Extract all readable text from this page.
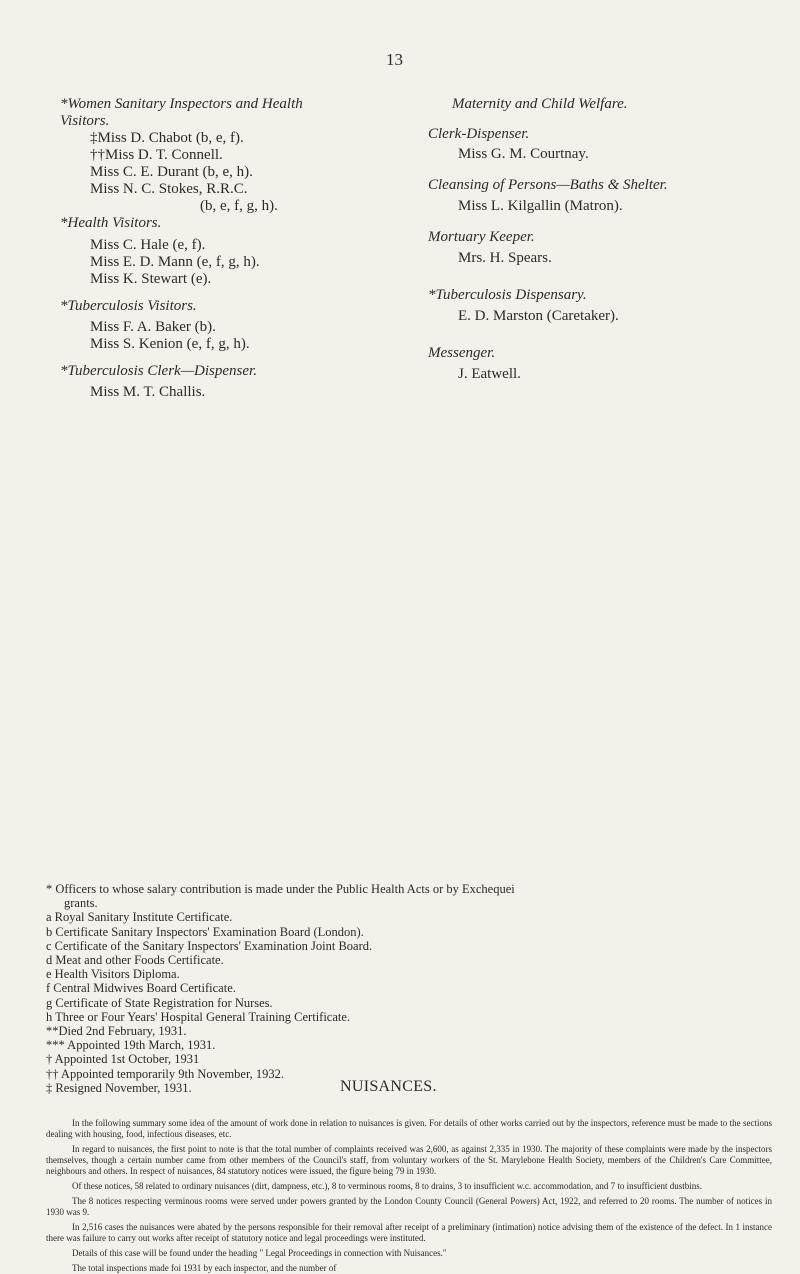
13
*Women Sanitary Inspectors and Health
Visitors.
‡Miss D. Chabot (b, e, f).
††Miss D. T. Connell.
Miss C. E. Durant (b, e, h).
Miss N. C. Stokes, R.R.C.
(b, e, f, g, h).
*Health Visitors.
Miss C. Hale (e, f).
Miss E. D. Mann (e, f, g, h).
Miss K. Stewart (e).
*Tuberculosis Visitors.
Miss F. A. Baker (b).
Miss S. Kenion (e, f, g, h).
*Tuberculosis Clerk—Dispenser.
Miss M. T. Challis.
Maternity and Child Welfare.
Clerk-Dispenser.
Miss G. M. Courtnay.
Cleansing of Persons—Baths & Shelter.
Miss L. Kilgallin (Matron).
Mortuary Keeper.
Mrs. H. Spears.
*Tuberculosis Dispensary.
E. D. Marston (Caretaker).
Messenger.
J. Eatwell.
* Officers to whose salary contribution is made under the Public Health Acts or by Exchequei
grants.
a Royal Sanitary Institute Certificate.
b Certificate Sanitary Inspectors' Examination Board (London).
c Certificate of the Sanitary Inspectors' Examination Joint Board.
d Meat and other Foods Certificate.
e Health Visitors Diploma.
f Central Midwives Board Certificate.
g Certificate of State Registration for Nurses.
h Three or Four Years' Hospital General Training Certificate.
**Died 2nd February, 1931.
*** Appointed 19th March, 1931.
† Appointed 1st October, 1931
†† Appointed temporarily 9th November, 1932.
‡ Resigned November, 1931.	NUISANCES.

In the following summary some idea of the amount of work done in relation to nuisances is given. For details of other works carried out by the inspectors, reference must be made to the sections dealing with housing, food, infectious diseases, etc.

In regard to nuisances, the first point to note is that the total number of complaints received was 2,600, as against 2,335 in 1930. The majority of these complaints were made by the inspectors themselves, though a certain number came from other members of the Council's staff, from voluntary workers of the St. Marylebone Health Society, members of the Children's Care Committee, neighbours and others. In respect of nuisances, 84 statutory notices were issued, the figure being 79 in 1930.

Of these notices, 58 related to ordinary nuisances (dirt, dampness, etc.), 8 to verminous rooms, 8 to drains, 3 to insufficient w.c. accommodation, and 7 to insufficient dustbins.

The 8 notices respecting verminous rooms were served under powers granted by the London County Council (General Powers) Act, 1922, and referred to 20 rooms. The number of notices in 1930 was 9.

In 2,516 cases the nuisances were abated by the persons responsible for their removal after receipt of a preliminary (intimation) notice advising them of the existence of the defect. In 1 instance there was failure to carry out works after receipt of statutory notice and legal proceedings were instituted.

Details of this case will be found under the heading " Legal Proceedings in connection with Nuisances."

The total inspections made foi 1931 by each inspector, and the number of
